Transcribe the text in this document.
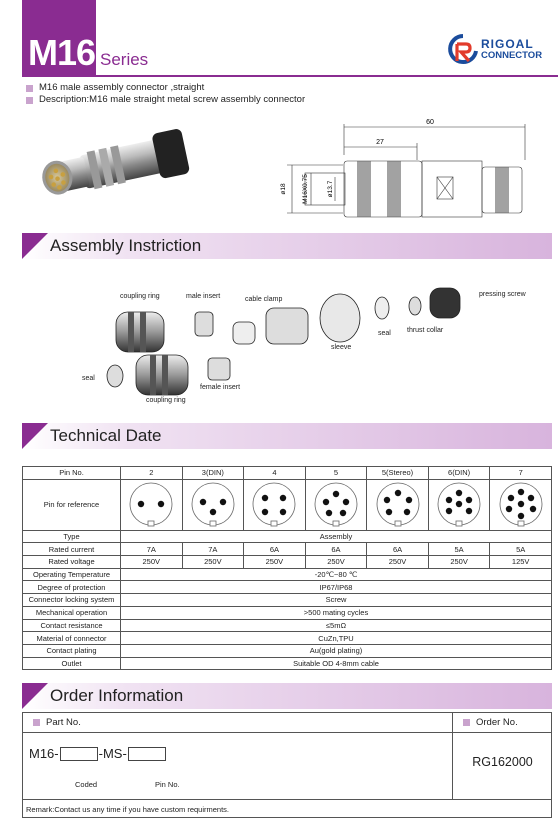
M16 Series
RIGOAL
CONNECTOR
M16 male assembly connector ,straight
Description:M16 male straight metal screw assembly connector
60
27
ø18 M16X0.75	ø13.7
Assembly Instriction
coupling ring	male insert	cable clamp
pressing screw
sleeve
seal thrust collar
seal
coupling ring
female insert
Technical Date
Pin No.	2	3(DIN)	4	5	5(Stereo)	6(DIN)	7
Pin for reference							
Type	Assembly						
Rated current	7A	7A	6A	6A	6A	5A	5A
Rated voltage	250V	250V	250V	250V	250V	250V	125V
Operating Temperature	-20℃~80 ℃						
Degree of protection	IP67/IP68						
Connector locking system	Screw						
Mechanical operation	>500 mating cycles						
Contact resistance	≤5mΩ						
Material of connector	CuZn,TPU						
Contact plating	Au(gold plating)						
Outlet	Suitable OD 4-8mm cable						
Order Information
Part No.
M16-	-MS-
Coded	Pin No.
Order No.
RG162000
Remark:Contact us any time if you have custom requirments.
